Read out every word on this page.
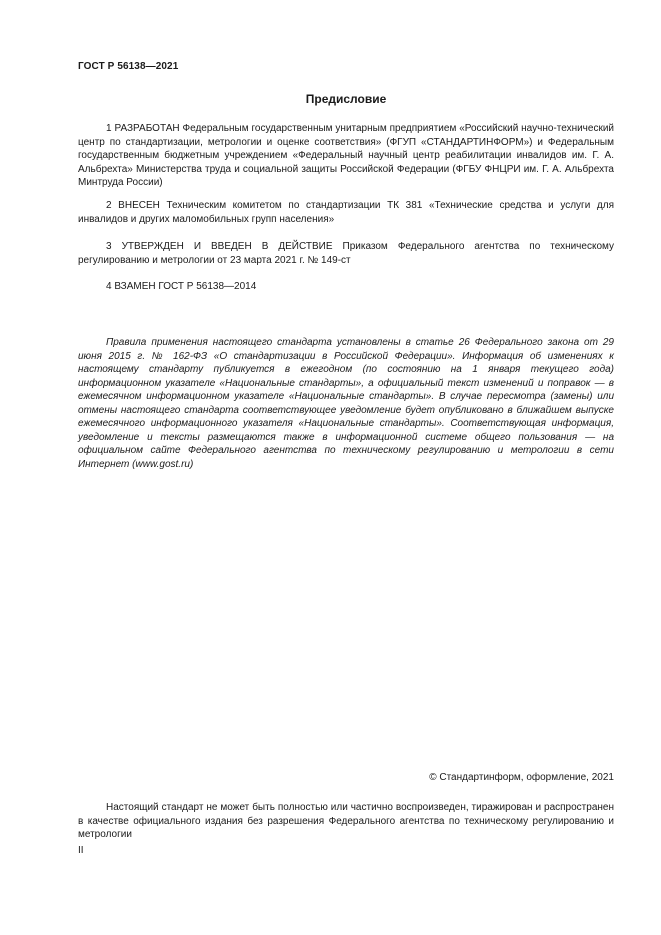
ГОСТ Р 56138—2021
Предисловие
1 РАЗРАБОТАН Федеральным государственным унитарным предприятием «Российский научно-технический центр по стандартизации, метрологии и оценке соответствия» (ФГУП «СТАНДАРТИНФОРМ») и Федеральным государственным бюджетным учреждением «Федеральный научный центр реабилитации инвалидов им. Г. А. Альбрехта» Министерства труда и социальной защиты Российской Федерации (ФГБУ ФНЦРИ им. Г. А. Альбрехта Минтруда России)
2 ВНЕСЕН Техническим комитетом по стандартизации ТК 381 «Технические средства и услуги для инвалидов и других маломобильных групп населения»
3 УТВЕРЖДЕН И ВВЕДЕН В ДЕЙСТВИЕ Приказом Федерального агентства по техническому регулированию и метрологии от 23 марта 2021 г. № 149-ст
4 ВЗАМЕН ГОСТ Р 56138—2014
Правила применения настоящего стандарта установлены в статье 26 Федерального закона от 29 июня 2015 г. № 162-ФЗ «О стандартизации в Российской Федерации». Информация об изменениях к настоящему стандарту публикуется в ежегодном (по состоянию на 1 января текущего года) информационном указателе «Национальные стандарты», а официальный текст изменений и поправок — в ежемесячном информационном указателе «Национальные стандарты». В случае пересмотра (замены) или отмены настоящего стандарта соответствующее уведомление будет опубликовано в ближайшем выпуске ежемесячного информационного указателя «Национальные стандарты». Соответствующая информация, уведомление и тексты размещаются также в информационной системе общего пользования — на официальном сайте Федерального агентства по техническому регулированию и метрологии в сети Интернет (www.gost.ru)
© Стандартинформ, оформление, 2021
Настоящий стандарт не может быть полностью или частично воспроизведен, тиражирован и распространен в качестве официального издания без разрешения Федерального агентства по техническому регулированию и метрологии
II
